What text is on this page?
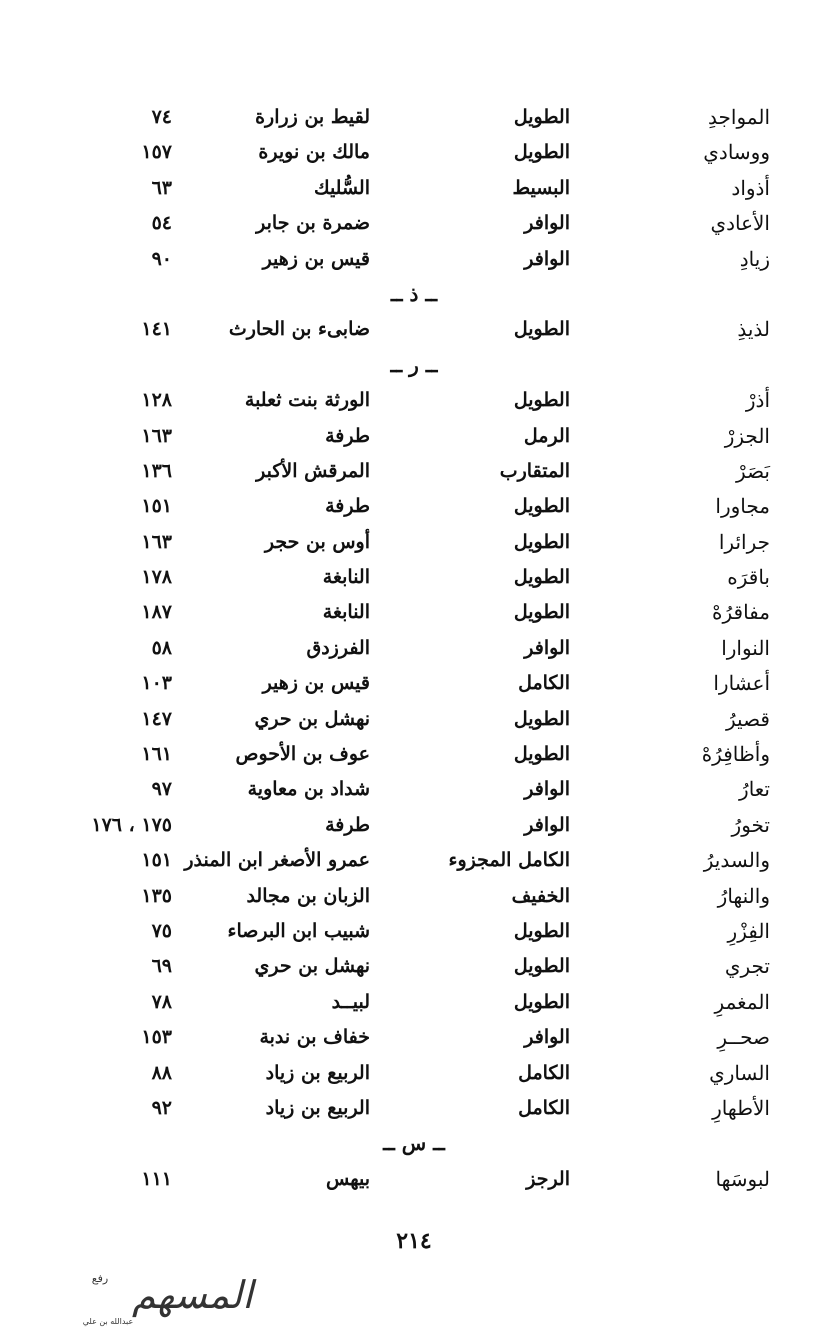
المواجدِ
الطويل
لقيط بن زرارة
٧٤
ووسادي
الطويل
مالك بن نويرة
١٥٧
أذواد
البسيط
السُّليك
٦٣
الأعادي
الوافر
ضمرة بن جابر
٥٤
زيادِ
الوافر
قيس بن زهير
٩٠
ــ ذ ــ
لذيذِ
الطويل
ضابىء بن الحارث
١٤١
ــ ر ــ
أذرْ
الطويل
الورثة بنت ثعلبة
١٢٨
الجزرْ
الرمل
طرفة
١٦٣
بَصَرْ
المتقارب
المرقش الأكبر
١٣٦
مجاورا
الطويل
طرفة
١٥١
جرائرا
الطويل
أوس بن حجر
١٦٣
باقرَه
الطويل
النابغة
١٧٨
مفاقرُهْ
الطويل
النابغة
١٨٧
النوارا
الوافر
الفرزدق
٥٨
أعشارا
الكامل
قيس بن زهير
١٠٣
قصيرُ
الطويل
نهشل بن حري
١٤٧
وأظافِرُهْ
الطويل
عوف بن الأحوص
١٦١
تعارُ
الوافر
شداد بن معاوية
٩٧
تخورُ
الوافر
طرفة
١٧٥ ، ١٧٦
والسديرُ
الكامل المجزوء
عمرو الأصغر ابن المنذر
١٥١
والنهارُ
الخفيف
الزبان بن مجالد
١٣٥
الفِزْرِ
الطويل
شبيب ابن البرصاء
٧٥
تجري
الطويل
نهشل بن حري
٦٩
المغمرِ
الطويل
لبيــد
٧٨
صحــرِ
الوافر
خفاف بن ندبة
١٥٣
الساري
الكامل
الربيع بن زياد
٨٨
الأطهارِ
الكامل
الربيع بن زياد
٩٢
ــ س ــ
لبوسَها
الرجز
بيهس
١١١
٢١٤
المسهم
رفع
عبدالله بن علي
